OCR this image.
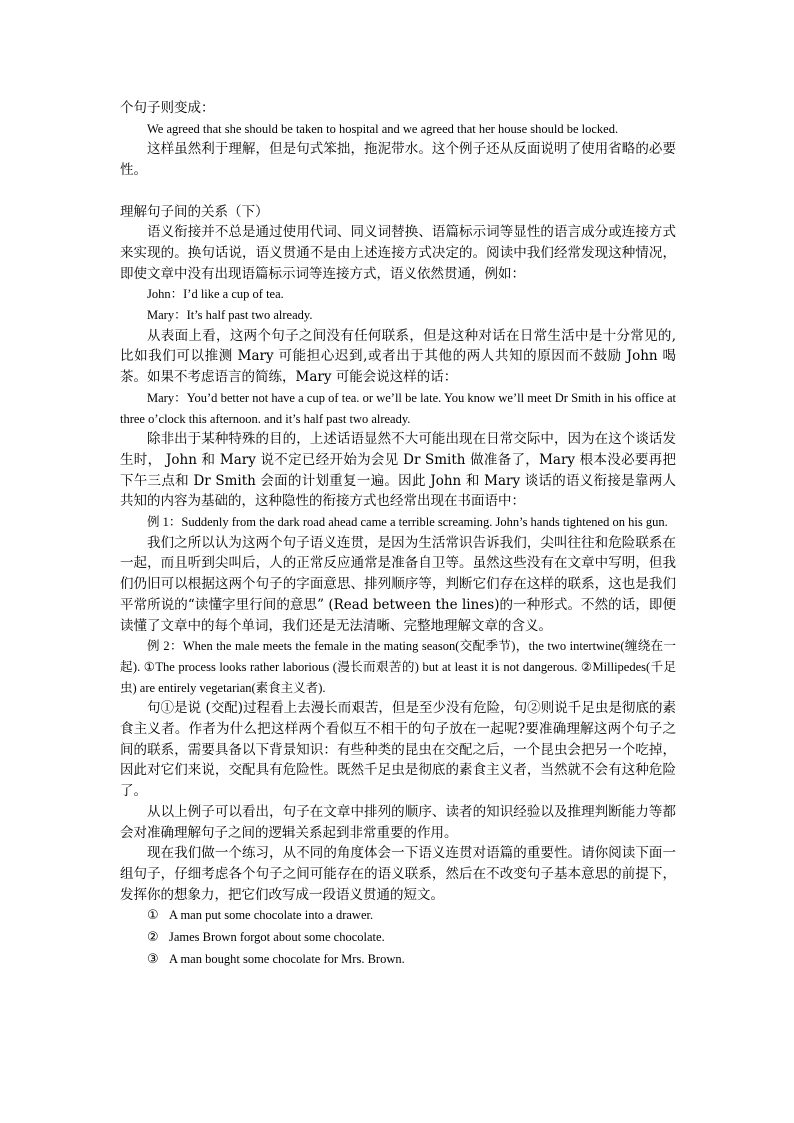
个句子则变成：

We agreed that she should be taken to hospital and we agreed that her house should be locked.

这样虽然利于理解，但是句式笨拙，拖泥带水。这个例子还从反面说明了使用省略的必要性。

理解句子间的关系（下）

语义衔接并不总是通过使用代词、同义词替换、语篇标示词等显性的语言成分或连接方式来实现的。换句话说，语义贯通不是由上述连接方式决定的。阅读中我们经常发现这种情况，即使文章中没有出现语篇标示词等连接方式，语义依然贯通，例如：

John：I’d like a cup of tea.

Mary：It’s half past two already.

从表面上看，这两个句子之间没有任何联系，但是这种对话在日常生活中是十分常见的,比如我们可以推测 Mary 可能担心迟到,或者出于其他的两人共知的原因而不鼓励 John 喝茶。如果不考虑语言的简练，Mary 可能会说这样的话：

Mary：You’d better not have a cup of tea. or we’ll be late. You know we’ll meet Dr Smith in his office at three o’clock this afternoon. and it’s half past two already.

除非出于某种特殊的目的，上述话语显然不大可能出现在日常交际中，因为在这个谈话发生时， John 和 Mary 说不定已经开始为会见 Dr Smith 做准备了，Mary 根本没必要再把下午三点和 Dr Smith 会面的计划重复一遍。因此 John 和 Mary 谈话的语义衔接是靠两人共知的内容为基础的，这种隐性的衔接方式也经常出现在书面语中：

例 1：Suddenly from the dark road ahead came a terrible screaming. John’s hands tightened on his gun.

我们之所以认为这两个句子语义连贯，是因为生活常识告诉我们，尖叫往往和危险联系在一起，而且听到尖叫后，人的正常反应通常是准备自卫等。虽然这些没有在文章中写明，但我们仍旧可以根据这两个句子的字面意思、排列顺序等，判断它们存在这样的联系，这也是我们平常所说的“读懂字里行间的意思” (Read between the lines)的一种形式。不然的话，即便读懂了文章中的每个单词，我们还是无法清晰、完整地理解文章的含义。

例 2：When the male meets the female in the mating season(交配季节)，the two intertwine(缠绕在一起). ①The process looks rather laborious (漫长而艰苦的) but at least it is not dangerous. ②Millipedes(千足虫) are entirely vegetarian(素食主义者).

句①是说 (交配)过程看上去漫长而艰苦，但是至少没有危险，句②则说千足虫是彻底的素食主义者。作者为什么把这样两个看似互不相干的句子放在一起呢?要准确理解这两个句子之间的联系，需要具备以下背景知识：有些种类的昆虫在交配之后，一个昆虫会把另一个吃掉，因此对它们来说，交配具有危险性。既然千足虫是彻底的素食主义者，当然就不会有这种危险了。

从以上例子可以看出，句子在文章中排列的顺序、读者的知识经验以及推理判断能力等都会对准确理解句子之间的逻辑关系起到非常重要的作用。

现在我们做一个练习，从不同的角度体会一下语义连贯对语篇的重要性。请你阅读下面一组句子，仔细考虑各个句子之间可能存在的语义联系，然后在不改变句子基本意思的前提下，发挥你的想象力，把它们改写成一段语义贯通的短文。

① A man put some chocolate into a drawer.
② James Brown forgot about some chocolate.
③ A man bought some chocolate for Mrs. Brown.
